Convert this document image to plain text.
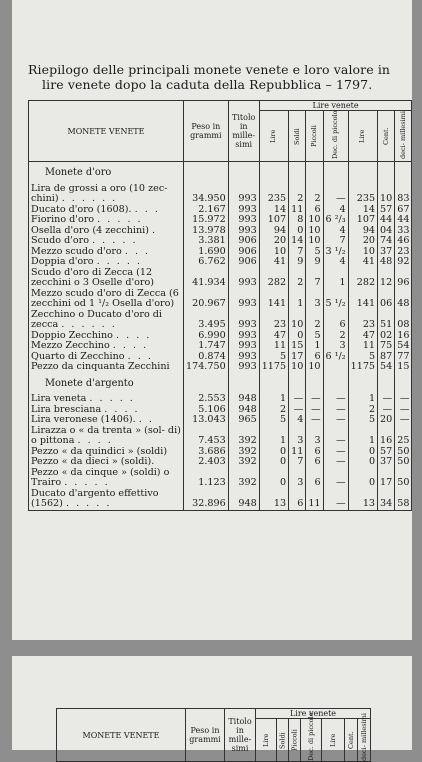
Riepilogo delle principali monete venete e loro valore in
lire venete dopo la caduta della Repubblica – 1797.
MONETE VENETE	Peso in grammi	Titolo in mille- simi	Lire venete						
			Lire	Soldi	Piccoli	Dec. di piccolo	Lire	Cent.	deci- millesimi
Monete d'oro									
Lira de grossi a oro (10 zec- chini) . . . . . .	34.950	993	235	2	2	—	235	10	83
Ducato d'oro (1608). . . .	2.167	993	14	11	6	4	14	57	67
Fiorino d'oro . . . . .	15.972	993	107	8	10	6 ²/₃	107	44	44
Osella d'oro (4 zecchini) .	13.978	993	94	0	10	4	94	04	33
Scudo d'oro . . . . .	3.381	906	20	14	10	7	20	74	46
Mezzo scudo d'oro . . .	1.690	906	10	7	5	3 ¹/₂	10	37	23
Doppia d'oro . . . . .	6.762	906	41	9	9	4	41	48	92
Scudo d'oro di Zecca (12 zecchini o 3 Oselle d'oro)	41.934	993	282	2	7	1	282	12	96
Mezzo scudo d'oro di Zecca (6 zecchini od 1 ¹/₂ Osella d'oro)	20.967	993	141	1	3	5 ¹/₂	141	06	48
Zecchino o Ducato d'oro di zecca . . . . . .	3.495	993	23	10	2	6	23	51	08
Doppio Zecchino . . . .	6.990	993	47	0	5	2	47	02	16
Mezzo Zecchino . . . .	1.747	993	11	15	1	3	11	75	54
Quarto di Zecchino . . .	0.874	993	5	17	6	6 ¹/₂	5	87	77
Pezzo da cinquanta Zecchini	174.750	993	1175	10	10		1175	54	15
Monete d'argento									
Lira veneta . . . . .	2.553	948	1	—	—	—	1	—	—
Lira bresciana . . . .	5.106	948	2	—	—	—	2	—	—
Lira veronese (1406). . .	13.043	965	5	4	—	—	5	20	—
Lirazza o « da trenta » (sol- di) o pittona . . . .	7.453	392	1	3	3	—	1	16	25
Pezzo « da quindici » (soldi)	3.686	392	0	11	6	—	0	57	50
Pezzo « da dieci » (soldi).	2.403	392	0	7	6	—	0	37	50
Pezzo « da cinque » (soldi) o Trairo . . . . .	1.123	392	0	3	6	—	0	17	50
Ducato d'argento effettivo (1562) . . . . .	32.896	948	13	6	11	—	13	34	58
MONETE VENETE	Peso in grammi	Titolo in mille- simi	Lire venete						
			Lire	Soldi	Piccoli	Dec. di piccolo	Lire	Cent.	deci- millesimi
